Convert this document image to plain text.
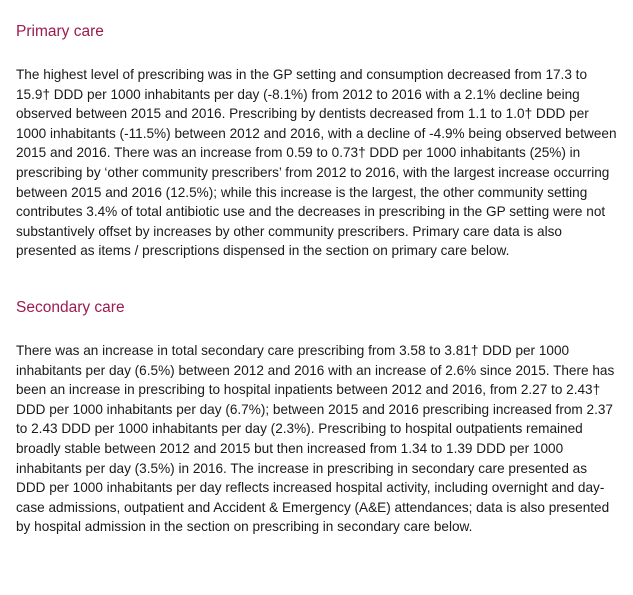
Primary care

The highest level of prescribing was in the GP setting and consumption decreased from 17.3 to 15.9† DDD per 1000 inhabitants per day (-8.1%) from 2012 to 2016 with a 2.1% decline being observed between 2015 and 2016. Prescribing by dentists decreased from 1.1 to 1.0† DDD per 1000 inhabitants (-11.5%) between 2012 and 2016, with a decline of -4.9% being observed between 2015 and 2016. There was an increase from 0.59 to 0.73† DDD per 1000 inhabitants (25%) in prescribing by ‘other community prescribers’ from 2012 to 2016, with the largest increase occurring between 2015 and 2016 (12.5%); while this increase is the largest, the other community setting contributes 3.4% of total antibiotic use and the decreases in prescribing in the GP setting were not substantively offset by increases by other community prescribers. Primary care data is also presented as items / prescriptions dispensed in the section on primary care below.

Secondary care

There was an increase in total secondary care prescribing from 3.58 to 3.81† DDD per 1000 inhabitants per day (6.5%) between 2012 and 2016 with an increase of 2.6% since 2015. There has been an increase in prescribing to hospital inpatients between 2012 and 2016, from 2.27 to 2.43† DDD per 1000 inhabitants per day (6.7%); between 2015 and 2016 prescribing increased from 2.37 to 2.43 DDD per 1000 inhabitants per day (2.3%). Prescribing to hospital outpatients remained broadly stable between 2012 and 2015 but then increased from 1.34 to 1.39 DDD per 1000 inhabitants per day (3.5%) in 2016. The increase in prescribing in secondary care presented as DDD per 1000 inhabitants per day reflects increased hospital activity, including overnight and day-case admissions, outpatient and Accident & Emergency (A&E) attendances; data is also presented by hospital admission in the section on prescribing in secondary care below.
